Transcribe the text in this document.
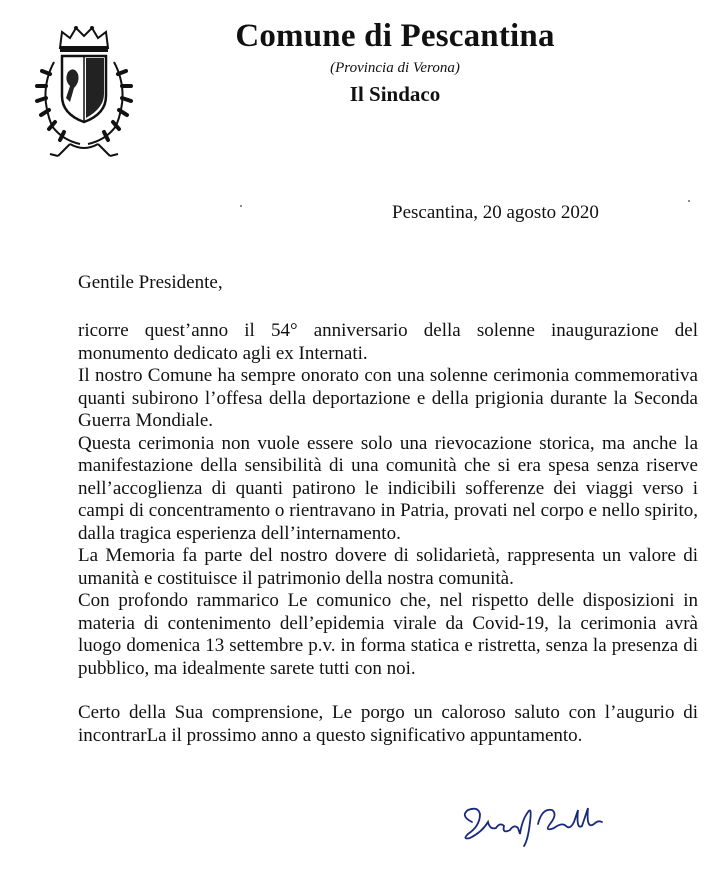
Comune di Pescantina
(Provincia di Verona)
Il Sindaco
Pescantina, 20 agosto 2020
Gentile Presidente,

ricorre quest’anno il 54° anniversario della solenne inaugurazione del monumento dedicato agli ex Internati.

Il nostro Comune ha sempre onorato con una solenne cerimonia commemorativa quanti subirono l’offesa della deportazione e della prigionia durante la Seconda Guerra Mondiale.

Questa cerimonia non vuole essere solo una rievocazione storica, ma anche la manifestazione della sensibilità di una comunità che si era spesa senza riserve nell’accoglienza di quanti patirono le indicibili sofferenze dei viaggi verso i campi di concentramento o rientravano in Patria, provati nel corpo e nello spirito, dalla tragica esperienza dell’internamento.

La Memoria fa parte del nostro dovere di solidarietà, rappresenta un valore di umanità e costituisce il patrimonio della nostra comunità.

Con profondo rammarico Le comunico che, nel rispetto delle disposizioni in materia di contenimento dell’epidemia virale da Covid-19, la cerimonia avrà luogo domenica 13 settembre p.v. in forma statica e ristretta, senza la presenza di pubblico, ma idealmente sarete tutti con noi.

Certo della Sua comprensione, Le porgo un caloroso saluto con l’augurio di incontrarLa il prossimo anno a questo significativo appuntamento.
